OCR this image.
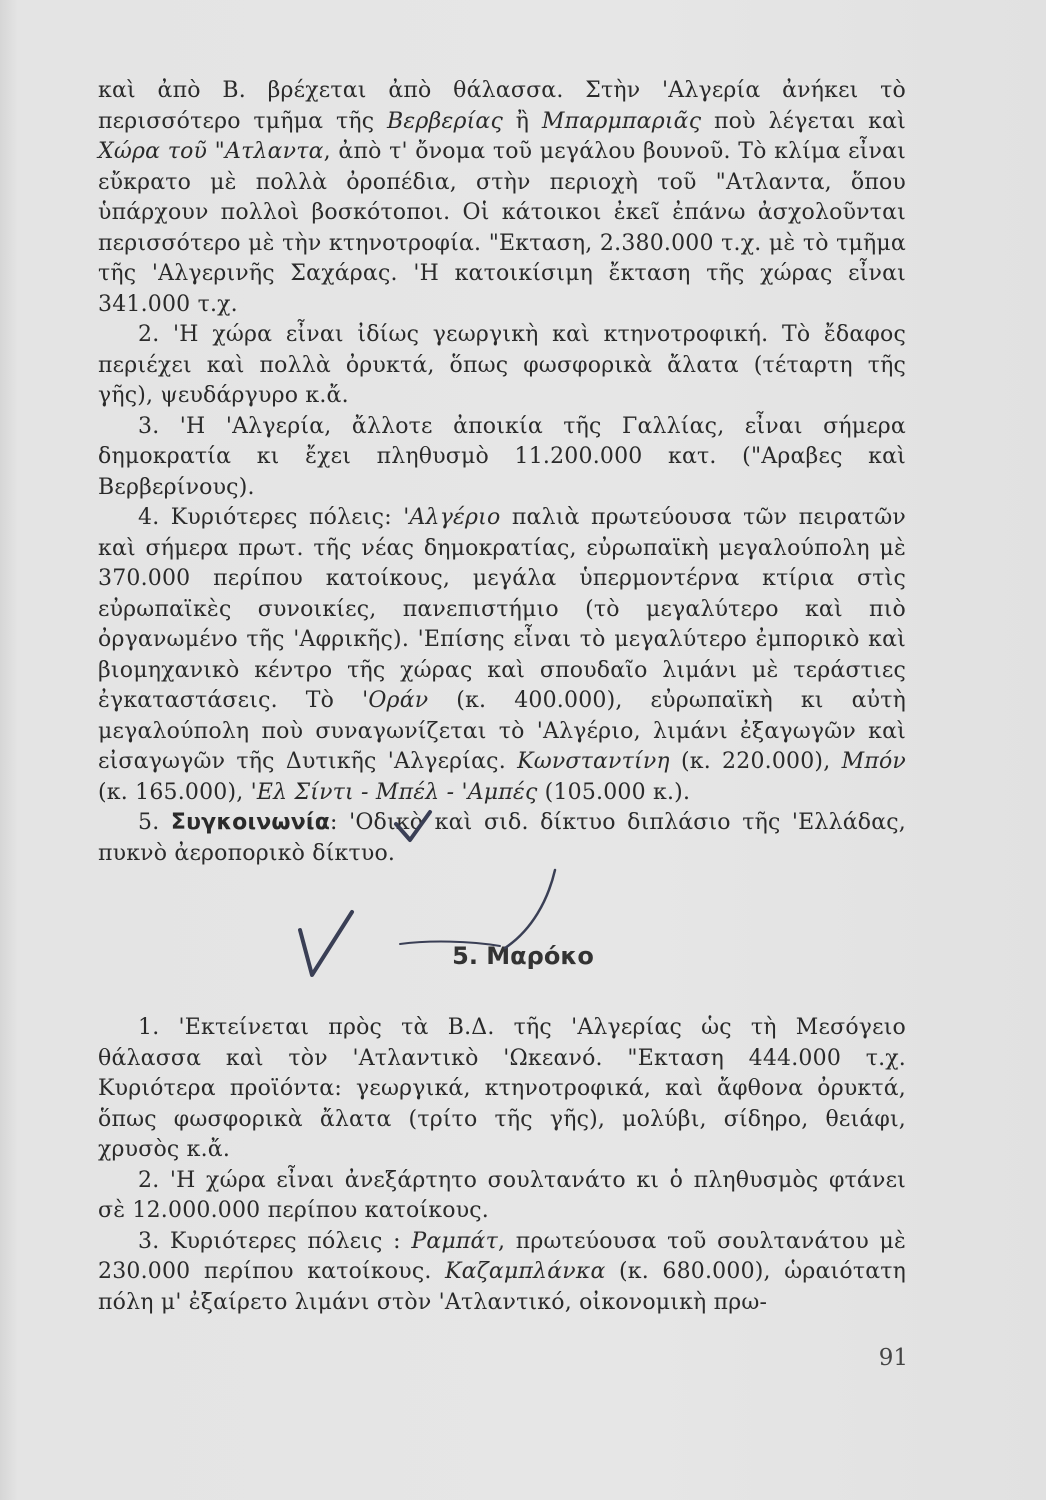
καὶ ἀπὸ Β. βρέχεται ἀπὸ θάλασσα. Στὴν 'Αλγερία ἀνήκει τὸ περισσότερο τμῆμα τῆς Βερβερίας ἢ Μπαρμπαριᾶς ποὺ λέγεται καὶ Χώρα τοῦ "Ατλαντα, ἀπὸ τ' ὄνομα τοῦ μεγάλου βουνοῦ. Τὸ κλίμα εἶναι εὔκρατο μὲ πολλὰ ὀροπέδια, στὴν περιοχὴ τοῦ "Ατλαντα, ὅπου ὑπάρχουν πολλοὶ βοσκότοποι. Οἱ κάτοικοι ἐκεῖ ἐπάνω ἀσχολοῦνται περισσότερο μὲ τὴν κτηνοτροφία. "Εκταση, 2.380.000 τ.χ. μὲ τὸ τμῆμα τῆς 'Αλγερινῆς Σαχάρας. 'Η κατοικίσιμη ἔκταση τῆς χώρας εἶναι 341.000 τ.χ.

2. 'Η χώρα εἶναι ἰδίως γεωργικὴ καὶ κτηνοτροφική. Τὸ ἔδαφος περιέχει καὶ πολλὰ ὀρυκτά, ὅπως φωσφορικὰ ἄλατα (τέταρτη τῆς γῆς), ψευδάργυρο κ.ἄ.

3. 'Η 'Αλγερία, ἄλλοτε ἀποικία τῆς Γαλλίας, εἶναι σήμερα δημοκρατία κι ἔχει πληθυσμὸ 11.200.000 κατ. ("Αραβες καὶ Βερβερίνους).

4. Κυριότερες πόλεις: 'Αλγέριο παλιὰ πρωτεύουσα τῶν πειρατῶν καὶ σήμερα πρωτ. τῆς νέας δημοκρατίας, εὐρωπαϊκὴ μεγαλούπολη μὲ 370.000 περίπου κατοίκους, μεγάλα ὑπερμοντέρνα κτίρια στὶς εὐρωπαϊκὲς συνοικίες, πανεπιστήμιο (τὸ μεγαλύτερο καὶ πιὸ ὀργανωμένο τῆς 'Αφρικῆς). 'Επίσης εἶναι τὸ μεγαλύτερο ἐμπορικὸ καὶ βιομηχανικὸ κέντρο τῆς χώρας καὶ σπουδαῖο λιμάνι μὲ τεράστιες ἐγκαταστάσεις. Τὸ 'Οράν (κ. 400.000), εὐρωπαϊκὴ κι αὐτὴ μεγαλούπολη ποὺ συναγωνίζεται τὸ 'Αλγέριο, λιμάνι ἐξαγωγῶν καὶ εἰσαγωγῶν τῆς Δυτικῆς 'Αλγερίας. Κωνσταντίνη (κ. 220.000), Μπόν (κ. 165.000), 'Ελ Σίντι - Μπέλ - 'Αμπές (105.000 κ.).

5. Συγκοινωνία: 'Οδικὸ καὶ σιδ. δίκτυο διπλάσιο τῆς 'Ελλάδας, πυκνὸ ἀεροπορικὸ δίκτυο.

5. Μαρόκο

1. 'Εκτείνεται πρὸς τὰ Β.Δ. τῆς 'Αλγερίας ὡς τὴ Μεσόγειο θάλασσα καὶ τὸν 'Ατλαντικὸ 'Ωκεανό. "Εκταση 444.000 τ.χ. Κυριότερα προϊόντα: γεωργικά, κτηνοτροφικά, καὶ ἄφθονα ὀρυκτά, ὅπως φωσφορικὰ ἄλατα (τρίτο τῆς γῆς), μολύβι, σίδηρο, θειάφι, χρυσὸς κ.ἄ.

2. 'Η χώρα εἶναι ἀνεξάρτητο σουλτανάτο κι ὁ πληθυσμὸς φτάνει σὲ 12.000.000 περίπου κατοίκους.

3. Κυριότερες πόλεις : Ραμπάτ, πρωτεύουσα τοῦ σουλτανάτου μὲ 230.000 περίπου κατοίκους. Καζαμπλάνκα (κ. 680.000), ὡραιότατη πόλη μ' ἐξαίρετο λιμάνι στὸν 'Ατλαντικό, οἰκονομικὴ πρω-

91
